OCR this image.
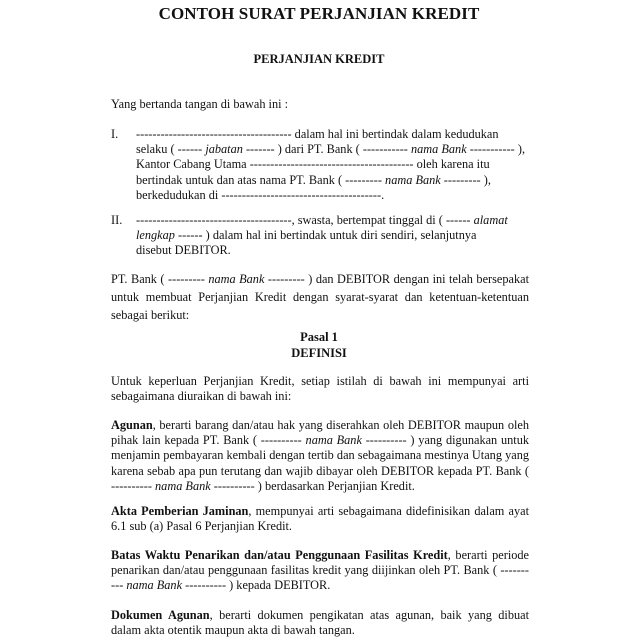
CONTOH SURAT PERJANJIAN KREDIT
PERJANJIAN KREDIT
Yang bertanda tangan di bawah ini :
I. -------------------------------------- dalam hal ini bertindak dalam kedudukan
selaku ( ------ jabatan ------- ) dari PT. Bank ( ----------- nama Bank ----------- ),
Kantor Cabang Utama ---------------------------------------- oleh karena itu
bertindak untuk dan atas nama PT. Bank ( --------- nama Bank --------- ),
berkedudukan di ---------------------------------------.
II. --------------------------------------, swasta, bertempat tinggal di ( ------ alamat
lengkap ------ ) dalam hal ini bertindak untuk diri sendiri, selanjutnya
disebut DEBITOR.
PT. Bank ( --------- nama Bank --------- ) dan DEBITOR dengan ini telah bersepakat untuk membuat Perjanjian Kredit dengan syarat-syarat dan ketentuan-ketentuan sebagai berikut:
Pasal 1
DEFINISI
Untuk keperluan Perjanjian Kredit, setiap istilah di bawah ini mempunyai arti sebagaimana diuraikan di bawah ini:
Agunan, berarti barang dan/atau hak yang diserahkan oleh DEBITOR maupun oleh pihak lain kepada PT. Bank ( ---------- nama Bank ---------- ) yang digunakan untuk menjamin pembayaran kembali dengan tertib dan sebagaimana mestinya Utang yang karena sebab apa pun terutang dan wajib dibayar oleh DEBITOR kepada PT. Bank ( ---------- nama Bank ---------- ) berdasarkan Perjanjian Kredit.
Akta Pemberian Jaminan, mempunyai arti sebagaimana didefinisikan dalam ayat 6.1 sub (a) Pasal 6 Perjanjian Kredit.
Batas Waktu Penarikan dan/atau Penggunaan Fasilitas Kredit, berarti periode penarikan dan/atau penggunaan fasilitas kredit yang diijinkan oleh PT. Bank ( ---------- nama Bank ---------- ) kepada DEBITOR.
Dokumen Agunan, berarti dokumen pengikatan atas agunan, baik yang dibuat dalam akta otentik maupun akta di bawah tangan.
